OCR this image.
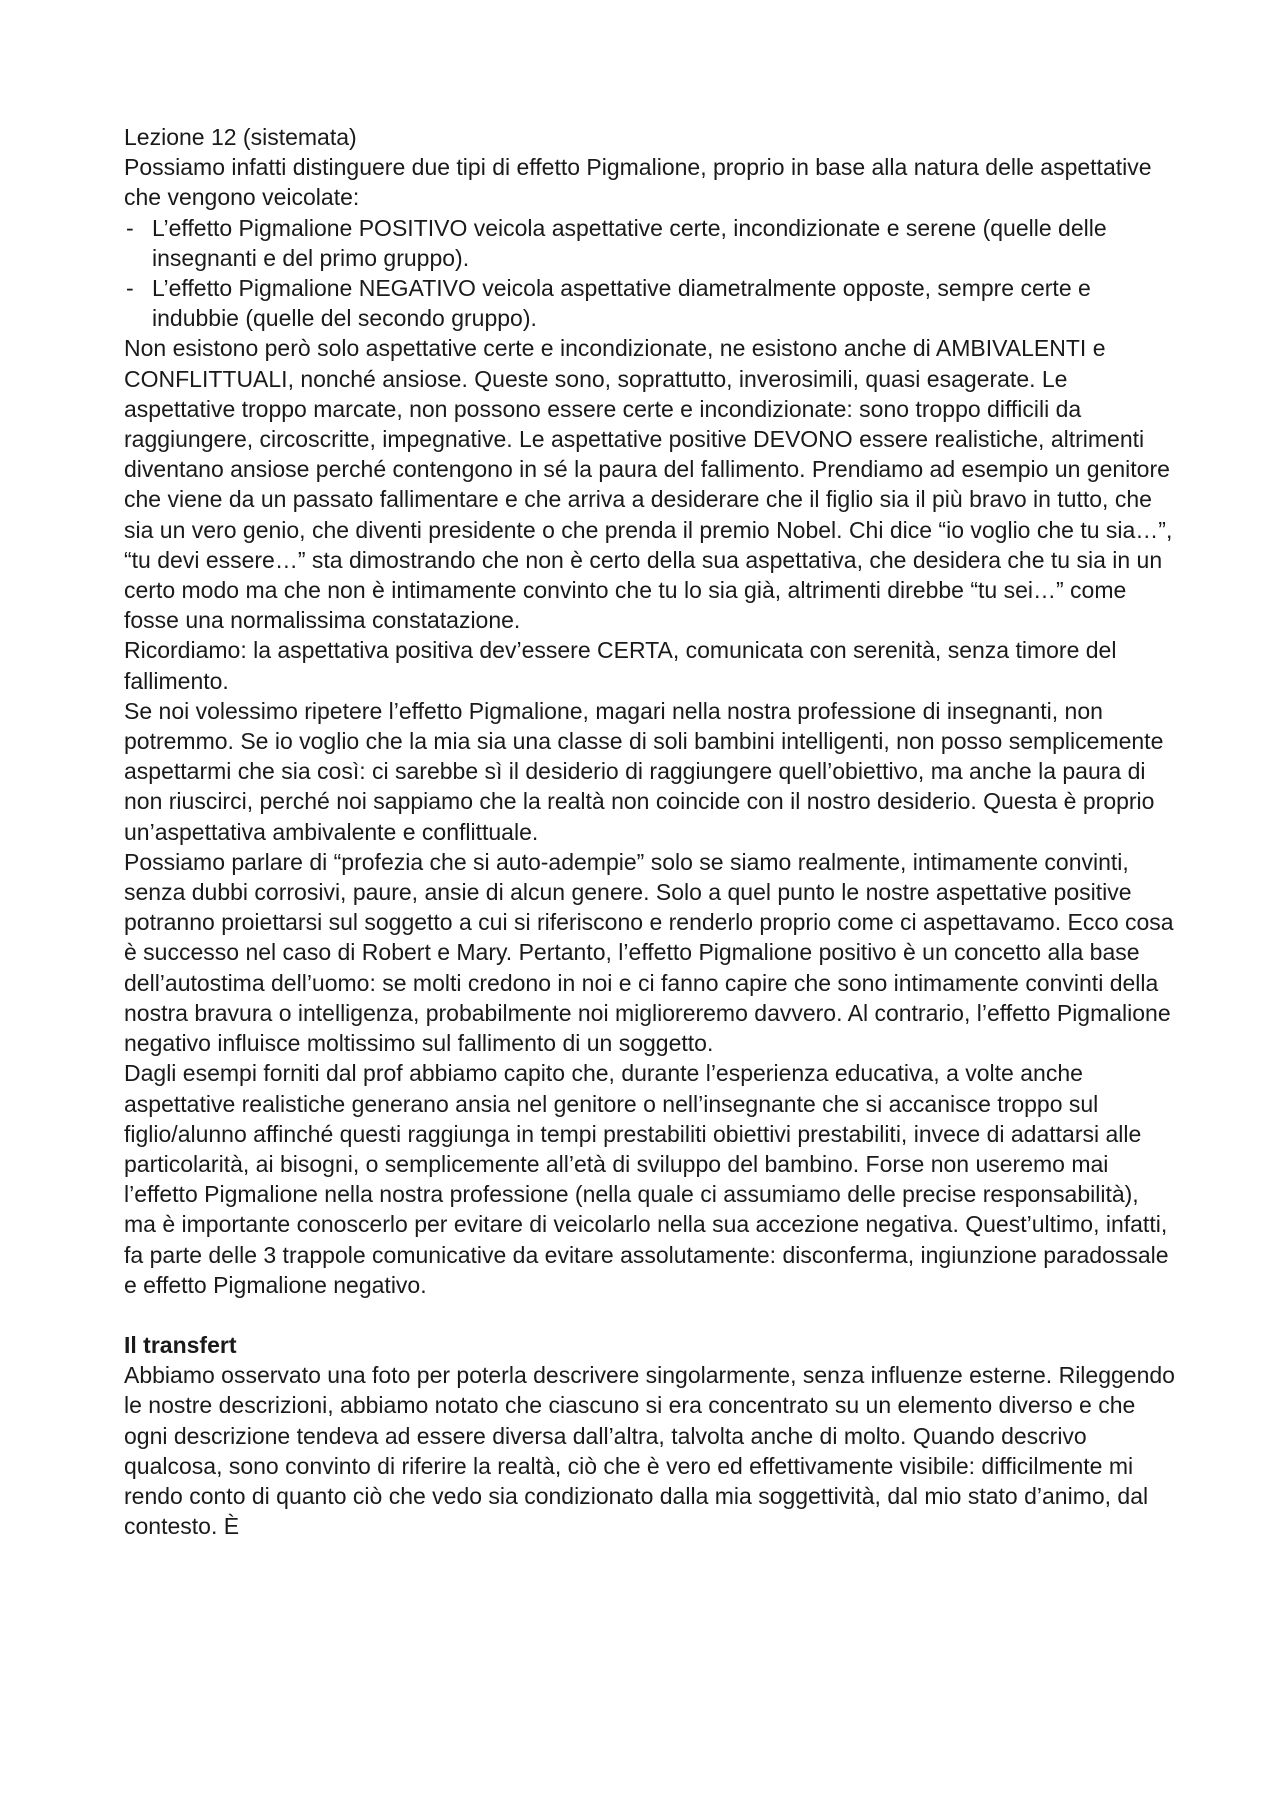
Lezione 12 (sistemata)

Possiamo infatti distinguere due tipi di effetto Pigmalione, proprio in base alla natura delle aspettative che vengono veicolate:

- L’effetto Pigmalione POSITIVO veicola aspettative certe, incondizionate e serene (quelle delle insegnanti e del primo gruppo).
- L’effetto Pigmalione NEGATIVO veicola aspettative diametralmente opposte, sempre certe e indubbie (quelle del secondo gruppo).

Non esistono però solo aspettative certe e incondizionate, ne esistono anche di AMBIVALENTI e CONFLITTUALI, nonché ansiose. Queste sono, soprattutto, inverosimili, quasi esagerate. Le aspettative troppo marcate, non possono essere certe e incondizionate: sono troppo difficili da raggiungere, circoscritte, impegnative. Le aspettative positive DEVONO essere realistiche, altrimenti diventano ansiose perché contengono in sé la paura del fallimento. Prendiamo ad esempio un genitore che viene da un passato fallimentare e che arriva a desiderare che il figlio sia il più bravo in tutto, che sia un vero genio, che diventi presidente o che prenda il premio Nobel. Chi dice “io voglio che tu sia…”, “tu devi essere…” sta dimostrando che non è certo della sua aspettativa, che desidera che tu sia in un certo modo ma che non è intimamente convinto che tu lo sia già, altrimenti direbbe “tu sei…” come fosse una normalissima constatazione.

Ricordiamo: la aspettativa positiva dev’essere CERTA, comunicata con serenità, senza timore del fallimento.

Se noi volessimo ripetere l’effetto Pigmalione, magari nella nostra professione di insegnanti, non potremmo. Se io voglio che la mia sia una classe di soli bambini intelligenti, non posso semplicemente aspettarmi che sia così: ci sarebbe sì il desiderio di raggiungere quell’obiettivo, ma anche la paura di non riuscirci, perché noi sappiamo che la realtà non coincide con il nostro desiderio. Questa è proprio un’aspettativa ambivalente e conflittuale.

Possiamo parlare di “profezia che si auto-adempie” solo se siamo realmente, intimamente convinti, senza dubbi corrosivi, paure, ansie di alcun genere. Solo a quel punto le nostre aspettative positive potranno proiettarsi sul soggetto a cui si riferiscono e renderlo proprio come ci aspettavamo. Ecco cosa è successo nel caso di Robert e Mary. Pertanto, l’effetto Pigmalione positivo è un concetto alla base dell’autostima dell’uomo: se molti credono in noi e ci fanno capire che sono intimamente convinti della nostra bravura o intelligenza, probabilmente noi miglioreremo davvero. Al contrario, l’effetto Pigmalione negativo influisce moltissimo sul fallimento di un soggetto.

Dagli esempi forniti dal prof abbiamo capito che, durante l’esperienza educativa, a volte anche aspettative realistiche generano ansia nel genitore o nell’insegnante che si accanisce troppo sul figlio/alunno affinché questi raggiunga in tempi prestabiliti obiettivi prestabiliti, invece di adattarsi alle particolarità, ai bisogni, o semplicemente all’età di sviluppo del bambino. Forse non useremo mai l’effetto Pigmalione nella nostra professione (nella quale ci assumiamo delle precise responsabilità), ma è importante conoscerlo per evitare di veicolarlo nella sua accezione negativa. Quest’ultimo, infatti, fa parte delle 3 trappole comunicative da evitare assolutamente: disconferma, ingiunzione paradossale e effetto Pigmalione negativo.

Il transfert

Abbiamo osservato una foto per poterla descrivere singolarmente, senza influenze esterne. Rileggendo le nostre descrizioni, abbiamo notato che ciascuno si era concentrato su un elemento diverso e che ogni descrizione tendeva ad essere diversa dall’altra, talvolta anche di molto. Quando descrivo qualcosa, sono convinto di riferire la realtà, ciò che è vero ed effettivamente visibile: difficilmente mi rendo conto di quanto ciò che vedo sia condizionato dalla mia soggettività, dal mio stato d’animo, dal contesto. È
